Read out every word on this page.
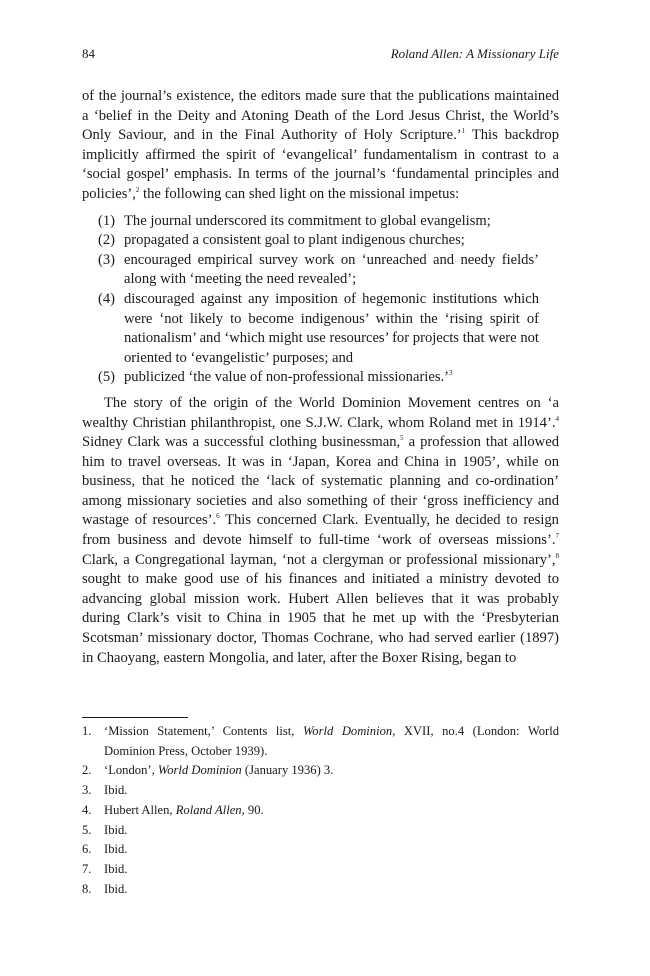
84	Roland Allen: A Missionary Life

of the journal’s existence, the editors made sure that the publications maintained a ‘belief in the Deity and Atoning Death of the Lord Jesus Christ, the World’s Only Saviour, and in the Final Authority of Holy Scripture.’$^1$ This backdrop implicitly affirmed the spirit of ‘evangelical’ fundamentalism in contrast to a ‘social gospel’ emphasis. In terms of the journal’s ‘fundamental principles and policies’,$^2$ the following can shed light on the missional impetus:

(1) The journal underscored its commitment to global evangelism;
(2) propagated a consistent goal to plant indigenous churches;
(3) encouraged empirical survey work on ‘unreached and needy fields’ along with ‘meeting the need revealed’;
(4) discouraged against any imposition of hegemonic institutions which were ‘not likely to become indigenous’ within the ‘rising spirit of nationalism’ and ‘which might use resources’ for projects that were not oriented to ‘evangelistic’ purposes; and
(5) publicized ‘the value of non-professional missionaries.’$^3$

The story of the origin of the World Dominion Movement centres on ‘a wealthy Christian philanthropist, one S.J.W. Clark, whom Roland met in 1914’.$^4$ Sidney Clark was a successful clothing businessman,$^5$ a profession that allowed him to travel overseas. It was in ‘Japan, Korea and China in 1905’, while on business, that he noticed the ‘lack of systematic planning and co-ordination’ among missionary societies and also something of their ‘gross inefficiency and wastage of resources’.$^6$ This concerned Clark. Eventually, he decided to resign from business and devote himself to full-time ‘work of overseas missions’.$^7$ Clark, a Congregational layman, ‘not a clergyman or professional missionary’,$^8$ sought to make good use of his finances and initiated a ministry devoted to advancing global mission work. Hubert Allen believes that it was probably during Clark’s visit to China in 1905 that he met up with the ‘Presbyterian Scotsman’ missionary doctor, Thomas Cochrane, who had served earlier (1897) in Chaoyang, eastern Mongolia, and later, after the Boxer Rising, began to

1. ‘Mission Statement,’ Contents list, World Dominion, XVII, no.4 (London: World Dominion Press, October 1939).
2. ‘London’, World Dominion (January 1936) 3.
3. Ibid.
4. Hubert Allen, Roland Allen, 90.
5. Ibid.
6. Ibid.
7. Ibid.
8. Ibid.
